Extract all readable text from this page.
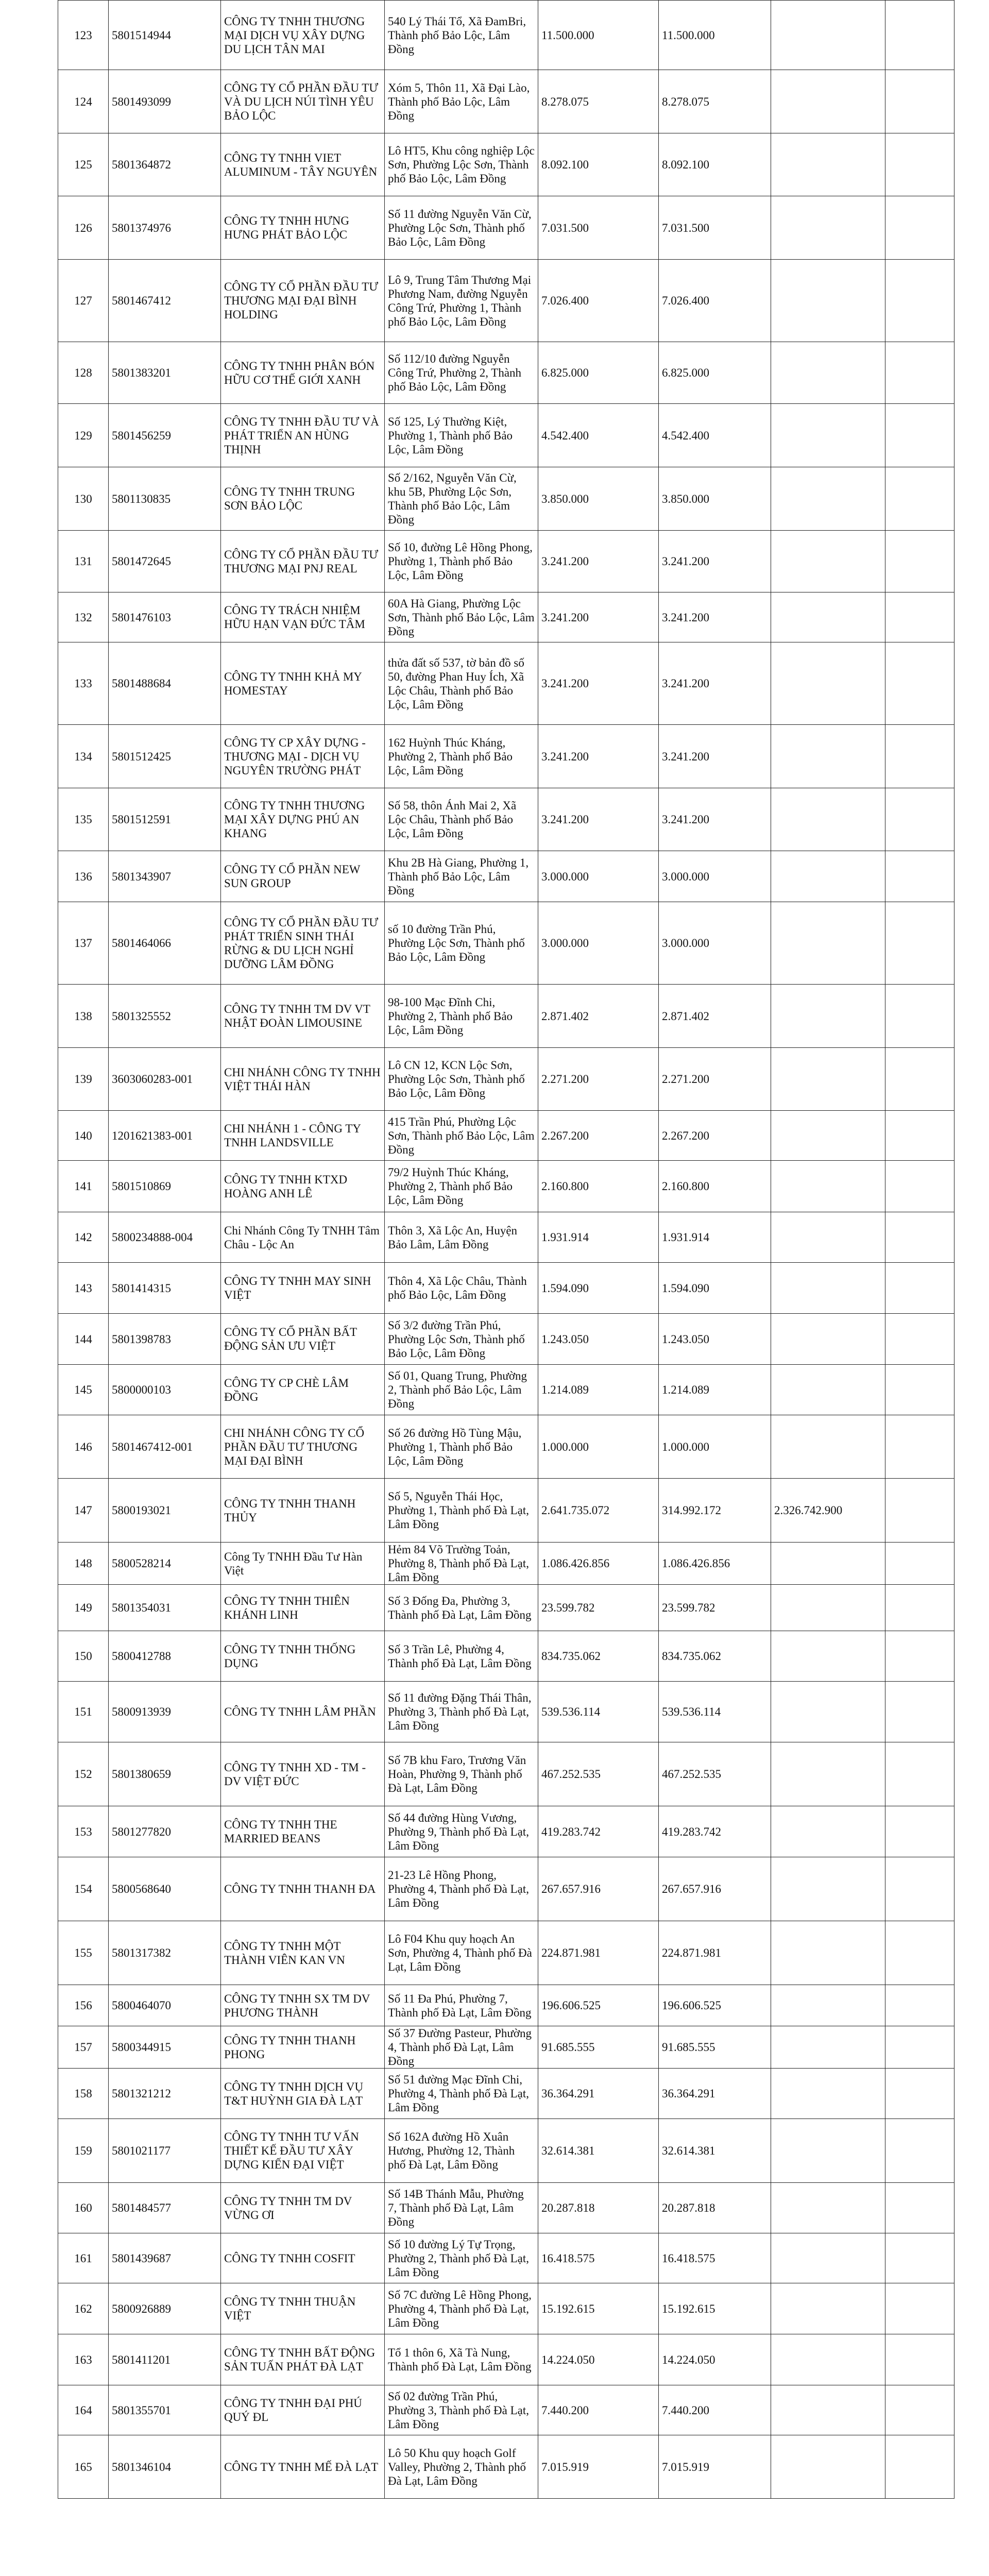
123	5801514944	CÔNG TY TNHH THƯƠNG MẠI DỊCH VỤ XÂY DỰNG DU LỊCH TÂN MAI	540 Lý Thái Tổ, Xã ĐamBri, Thành phố Bảo Lộc, Lâm Đồng	11.500.000	11.500.000		
124	5801493099	CÔNG TY CỔ PHẦN ĐẦU TƯ VÀ DU LỊCH NÚI TÌNH YÊU BẢO LỘC	Xóm 5, Thôn 11, Xã Đại Lào, Thành phố Bảo Lộc, Lâm Đồng	8.278.075	8.278.075		
125	5801364872	CÔNG TY TNHH VIET ALUMINUM - TÂY NGUYÊN	Lô HT5, Khu công nghiệp Lộc Sơn, Phường Lộc Sơn, Thành phố Bảo Lộc, Lâm Đồng	8.092.100	8.092.100		
126	5801374976	CÔNG TY TNHH HƯNG HƯNG PHÁT BẢO LỘC	Số 11 đường Nguyễn Văn Cừ, Phường Lộc Sơn, Thành phố Bảo Lộc, Lâm Đồng	7.031.500	7.031.500		
127	5801467412	CÔNG TY CỔ PHẦN ĐẦU TƯ THƯƠNG MẠI ĐẠI BÌNH HOLDING	Lô 9, Trung Tâm Thương Mại Phương Nam, đường Nguyễn Công Trứ, Phường 1, Thành phố Bảo Lộc, Lâm Đồng	7.026.400	7.026.400		
128	5801383201	CÔNG TY TNHH PHÂN BÓN HỮU CƠ THẾ GIỚI XANH	Số 112/10 đường Nguyễn Công Trứ, Phường 2, Thành phố Bảo Lộc, Lâm Đồng	6.825.000	6.825.000		
129	5801456259	CÔNG TY TNHH ĐẦU TƯ VÀ PHÁT TRIỂN AN HÙNG THỊNH	Số 125, Lý Thường Kiệt, Phường 1, Thành phố Bảo Lộc, Lâm Đồng	4.542.400	4.542.400		
130	5801130835	CÔNG TY TNHH TRUNG SƠN BẢO LỘC	Số 2/162, Nguyễn Văn Cừ, khu 5B, Phường Lộc Sơn, Thành phố Bảo Lộc, Lâm Đồng	3.850.000	3.850.000		
131	5801472645	CÔNG TY CỔ PHẦN ĐẦU TƯ THƯƠNG MẠI PNJ REAL	Số 10, đường Lê Hồng Phong, Phường 1, Thành phố Bảo Lộc, Lâm Đồng	3.241.200	3.241.200		
132	5801476103	CÔNG TY TRÁCH NHIỆM HỮU HẠN VẠN ĐỨC TÂM	60A Hà Giang, Phường Lộc Sơn, Thành phố Bảo Lộc, Lâm Đồng	3.241.200	3.241.200		
133	5801488684	CÔNG TY TNHH KHẢ MY HOMESTAY	thửa đất số 537, tờ bản đồ số 50, đường Phan Huy Ích, Xã Lộc Châu, Thành phố Bảo Lộc, Lâm Đồng	3.241.200	3.241.200		
134	5801512425	CÔNG TY CP XÂY DỰNG - THƯƠNG MẠI - DỊCH VỤ NGUYÊN TRƯỜNG PHÁT	162 Huỳnh Thúc Kháng, Phường 2, Thành phố Bảo Lộc, Lâm Đồng	3.241.200	3.241.200		
135	5801512591	CÔNG TY TNHH THƯƠNG MẠI XÂY DỰNG PHÚ AN KHANG	Số 58, thôn Ánh Mai 2, Xã Lộc Châu, Thành phố Bảo Lộc, Lâm Đồng	3.241.200	3.241.200		
136	5801343907	CÔNG TY CỔ PHẦN NEW SUN GROUP	Khu 2B Hà Giang, Phường 1, Thành phố Bảo Lộc, Lâm Đồng	3.000.000	3.000.000		
137	5801464066	CÔNG TY CỔ PHẦN ĐẦU TƯ PHÁT TRIỂN SINH THÁI RỪNG & DU LỊCH NGHỈ DƯỠNG LÂM ĐỒNG	số 10 đường Trần Phú, Phường Lộc Sơn, Thành phố Bảo Lộc, Lâm Đồng	3.000.000	3.000.000		
138	5801325552	CÔNG TY TNHH TM DV VT NHẬT ĐOÀN LIMOUSINE	98-100 Mạc Đĩnh Chi, Phường 2, Thành phố Bảo Lộc, Lâm Đồng	2.871.402	2.871.402		
139	3603060283-001	CHI NHÁNH CÔNG TY TNHH VIỆT THÁI HÀN	Lô CN 12, KCN Lộc Sơn, Phường Lộc Sơn, Thành phố Bảo Lộc, Lâm Đồng	2.271.200	2.271.200		
140	1201621383-001	CHI NHÁNH 1 - CÔNG TY TNHH LANDSVILLE	415 Trần Phú, Phường Lộc Sơn, Thành phố Bảo Lộc, Lâm Đồng	2.267.200	2.267.200		
141	5801510869	CÔNG TY TNHH KTXD HOÀNG ANH LÊ	79/2 Huỳnh Thúc Kháng, Phường 2, Thành phố Bảo Lộc, Lâm Đồng	2.160.800	2.160.800		
142	5800234888-004	Chi Nhánh Công Ty TNHH Tâm Châu - Lộc An	Thôn 3, Xã Lộc An, Huyện Bảo Lâm, Lâm Đồng	1.931.914	1.931.914		
143	5801414315	CÔNG TY TNHH MAY SINH VIỆT	Thôn 4, Xã Lộc Châu, Thành phố Bảo Lộc, Lâm Đồng	1.594.090	1.594.090		
144	5801398783	CÔNG TY CỔ PHẦN BẤT ĐỘNG SẢN ƯU VIỆT	Số 3/2 đường Trần Phú, Phường Lộc Sơn, Thành phố Bảo Lộc, Lâm Đồng	1.243.050	1.243.050		
145	5800000103	CÔNG TY CP CHÈ LÂM ĐỒNG	Số 01, Quang Trung, Phường 2, Thành phố Bảo Lộc, Lâm Đồng	1.214.089	1.214.089		
146	5801467412-001	CHI NHÁNH CÔNG TY CỔ PHẦN ĐẦU TƯ THƯƠNG MẠI ĐẠI BÌNH	Số 26 đường Hồ Tùng Mậu, Phường 1, Thành phố Bảo Lộc, Lâm Đồng	1.000.000	1.000.000		
147	5800193021	CÔNG TY TNHH THANH THỦY	Số 5, Nguyễn Thái Học, Phường 1, Thành phố Đà Lạt, Lâm Đồng	2.641.735.072	314.992.172	2.326.742.900	
148	5800528214	Công Ty TNHH Đầu Tư Hàn Việt	Hẻm 84 Võ Trường Toản, Phường 8, Thành phố Đà Lạt, Lâm Đồng	1.086.426.856	1.086.426.856		
149	5801354031	CÔNG TY TNHH THIÊN KHÁNH LINH	Số 3 Đống Đa, Phường 3, Thành phố Đà Lạt, Lâm Đồng	23.599.782	23.599.782		
150	5800412788	CÔNG TY TNHH THỐNG DỤNG	Số 3 Trần Lê, Phường 4, Thành phố Đà Lạt, Lâm Đồng	834.735.062	834.735.062		
151	5800913939	CÔNG TY TNHH LÂM PHẦN	Số 11 đường Đặng Thái Thân, Phường 3, Thành phố Đà Lạt, Lâm Đồng	539.536.114	539.536.114		
152	5801380659	CÔNG TY TNHH XD - TM - DV VIỆT ĐỨC	Số 7B khu Faro, Trương Văn Hoàn, Phường 9, Thành phố Đà Lạt, Lâm Đồng	467.252.535	467.252.535		
153	5801277820	CÔNG TY TNHH THE MARRIED BEANS	Số 44 đường Hùng Vương, Phường 9, Thành phố Đà Lạt, Lâm Đồng	419.283.742	419.283.742		
154	5800568640	CÔNG TY TNHH THANH ĐA	21-23 Lê Hồng Phong, Phường 4, Thành phố Đà Lạt, Lâm Đồng	267.657.916	267.657.916		
155	5801317382	CÔNG TY TNHH MỘT THÀNH VIÊN KAN VN	Lô F04 Khu quy hoạch An Sơn, Phường 4, Thành phố Đà Lạt, Lâm Đồng	224.871.981	224.871.981		
156	5800464070	CÔNG TY TNHH SX TM DV PHƯƠNG THÀNH	Số 11 Đa Phú, Phường 7, Thành phố Đà Lạt, Lâm Đồng	196.606.525	196.606.525		
157	5800344915	CÔNG TY TNHH THANH PHONG	Số 37 Đường Pasteur, Phường 4, Thành phố Đà Lạt, Lâm Đồng	91.685.555	91.685.555		
158	5801321212	CÔNG TY TNHH DỊCH VỤ T&T HUỲNH GIA ĐÀ LẠT	Số 51 đường Mạc Đĩnh Chi, Phường 4, Thành phố Đà Lạt, Lâm Đồng	36.364.291	36.364.291		
159	5801021177	CÔNG TY TNHH TƯ VẤN THIẾT KẾ ĐẦU TƯ XÂY DỰNG KIẾN ĐẠI VIỆT	Số 162A đường Hồ Xuân Hương, Phường 12, Thành phố Đà Lạt, Lâm Đồng	32.614.381	32.614.381		
160	5801484577	CÔNG TY TNHH TM DV VỪNG ƠI	Số 14B Thánh Mẫu, Phường 7, Thành phố Đà Lạt, Lâm Đồng	20.287.818	20.287.818		
161	5801439687	CÔNG TY TNHH COSFIT	Số 10 đường Lý Tự Trọng, Phường 2, Thành phố Đà Lạt, Lâm Đồng	16.418.575	16.418.575		
162	5800926889	CÔNG TY TNHH THUẬN VIỆT	Số 7C đường Lê Hồng Phong, Phường 4, Thành phố Đà Lạt, Lâm Đồng	15.192.615	15.192.615		
163	5801411201	CÔNG TY TNHH BẤT ĐỘNG SẢN TUẤN PHÁT ĐÀ LẠT	Tổ 1 thôn 6, Xã Tà Nung, Thành phố Đà Lạt, Lâm Đồng	14.224.050	14.224.050		
164	5801355701	CÔNG TY TNHH ĐẠI PHÚ QUÝ ĐL	Số 02 đường Trần Phú, Phường 3, Thành phố Đà Lạt, Lâm Đồng	7.440.200	7.440.200		
165	5801346104	CÔNG TY TNHH MẾ ĐÀ LẠT	Lô 50 Khu quy hoạch Golf Valley, Phường 2, Thành phố Đà Lạt, Lâm Đồng	7.015.919	7.015.919		
